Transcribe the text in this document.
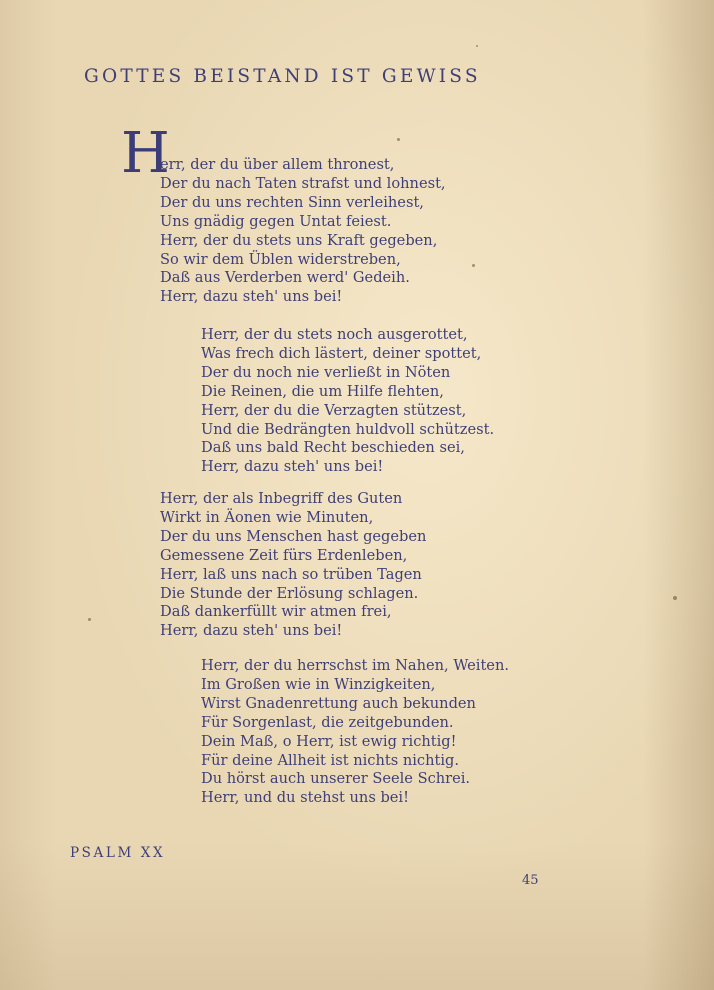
GOTTES BEISTAND IST GEWISS
H
err, der du über allem thronest,
Der du nach Taten strafst und lohnest,
Der du uns rechten Sinn verleihest,
Uns gnädig gegen Untat feiest.
Herr, der du stets uns Kraft gegeben,
So wir dem Üblen widerstreben,
Daß aus Verderben werd' Gedeih.
Herr, dazu steh' uns bei!
Herr, der du stets noch ausgerottet,
Was frech dich lästert, deiner spottet,
Der du noch nie verließt in Nöten
Die Reinen, die um Hilfe flehten,
Herr, der du die Verzagten stützest,
Und die Bedrängten huldvoll schützest.
Daß uns bald Recht beschieden sei,
Herr, dazu steh' uns bei!
Herr, der als Inbegriff des Guten
Wirkt in Äonen wie Minuten,
Der du uns Menschen hast gegeben
Gemessene Zeit fürs Erdenleben,
Herr, laß uns nach so trüben Tagen
Die Stunde der Erlösung schlagen.
Daß dankerfüllt wir atmen frei,
Herr, dazu steh' uns bei!
Herr, der du herrschst im Nahen, Weiten.
Im Großen wie in Winzigkeiten,
Wirst Gnadenrettung auch bekunden
Für Sorgenlast, die zeitgebunden.
Dein Maß, o Herr, ist ewig richtig!
Für deine Allheit ist nichts nichtig.
Du hörst auch unserer Seele Schrei.
Herr, und du stehst uns bei!
PSALM XX
45
